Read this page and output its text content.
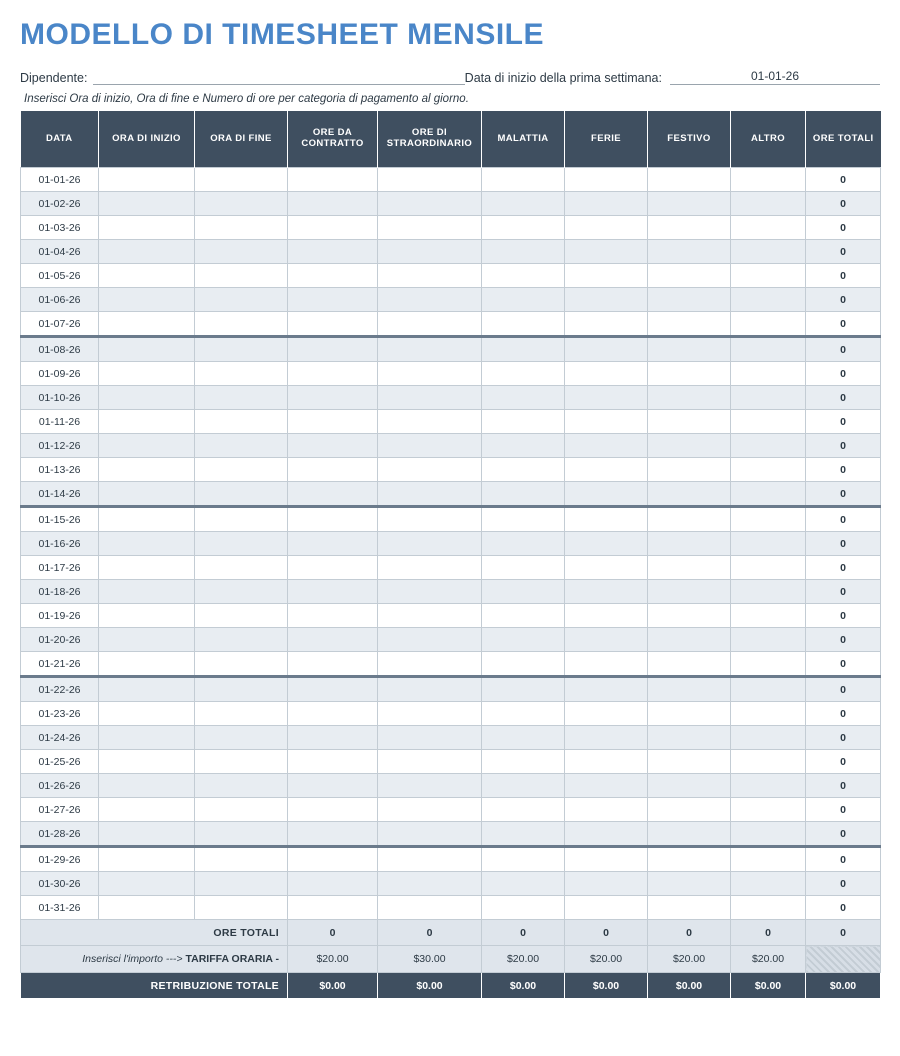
MODELLO DI TIMESHEET MENSILE
Dipendente:	Data di inizio della prima settimana:	01-01-26
Inserisci Ora di inizio, Ora di fine e Numero di ore per categoria di pagamento al giorno.
DATA	ORA DI INIZIO	ORA DI FINE	ORE DA CONTRATTO	ORE DI STRAORDINARIO	MALATTIA	FERIE	FESTIVO	ALTRO	ORE TOTALI
01-01-26									0
01-02-26									0
01-03-26									0
01-04-26									0
01-05-26									0
01-06-26									0
01-07-26									0
01-08-26									0
01-09-26									0
01-10-26									0
01-11-26									0
01-12-26									0
01-13-26									0
01-14-26									0
01-15-26									0
01-16-26									0
01-17-26									0
01-18-26									0
01-19-26									0
01-20-26									0
01-21-26									0
01-22-26									0
01-23-26									0
01-24-26									0
01-25-26									0
01-26-26									0
01-27-26									0
01-28-26									0
01-29-26									0
01-30-26									0
01-31-26									0
ORE TOTALI			0	0	0	0	0	0	0
Inserisci l'importo ---> TARIFFA ORARIA -			$20.00	$30.00	$20.00	$20.00	$20.00	$20.00	
RETRIBUZIONE TOTALE			$0.00	$0.00	$0.00	$0.00	$0.00	$0.00	$0.00
